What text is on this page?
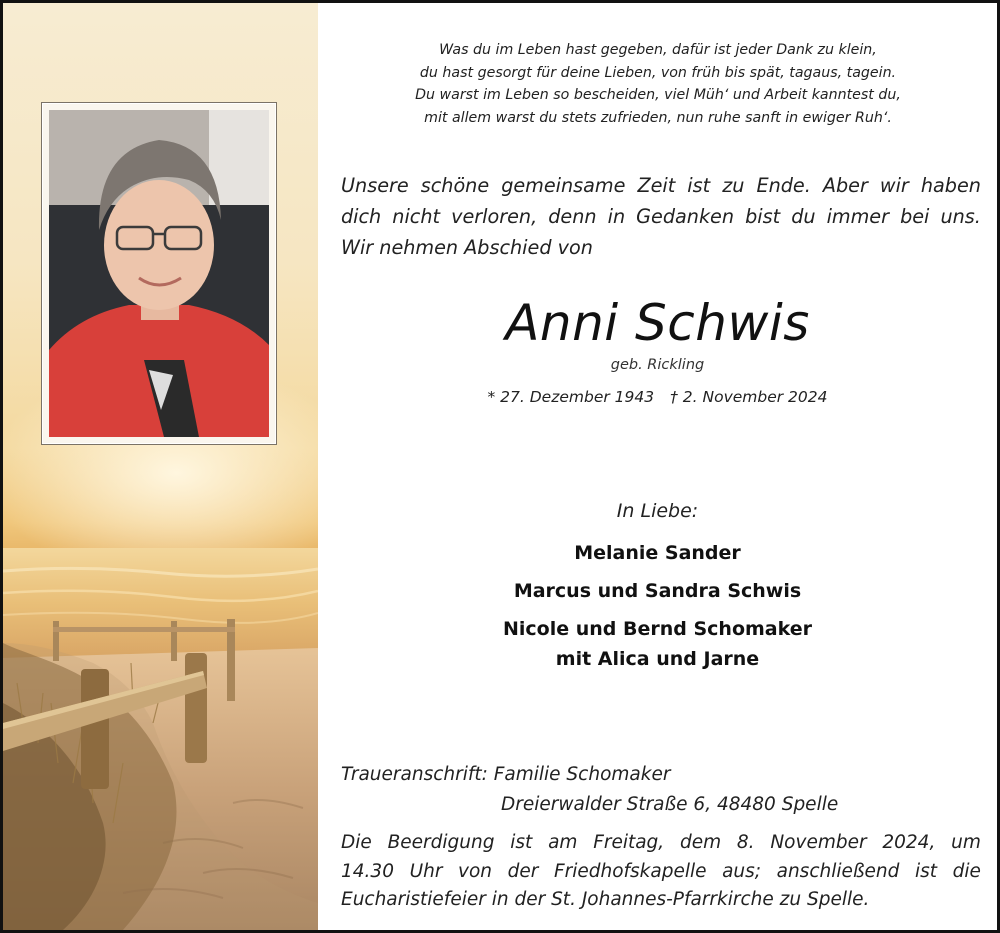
Was du im Leben hast gegeben, dafür ist jeder Dank zu klein,
du hast gesorgt für deine Lieben, von früh bis spät, tagaus, tagein.
Du warst im Leben so bescheiden, viel Müh‘ und Arbeit kanntest du,
mit allem warst du stets zufrieden, nun ruhe sanft in ewiger Ruh‘.
Unsere schöne gemeinsame Zeit ist zu Ende. Aber wir haben
dich nicht verloren, denn in Gedanken bist du immer bei uns.
Wir nehmen Abschied von
Anni Schwis
geb. Rickling
* 27. Dezember 1943 † 2. November 2024
In Liebe:
Melanie Sander
Marcus und Sandra Schwis
Nicole und Bernd Schomaker
mit Alica und Jarne
Traueranschrift: Familie Schomaker
Dreierwalder Straße 6, 48480 Spelle
Die Beerdigung ist am Freitag, dem 8. November 2024, um
14.30 Uhr von der Friedhofskapelle aus; anschließend ist die
Eucharistiefeier in der St. Johannes-Pfarrkirche zu Spelle.
